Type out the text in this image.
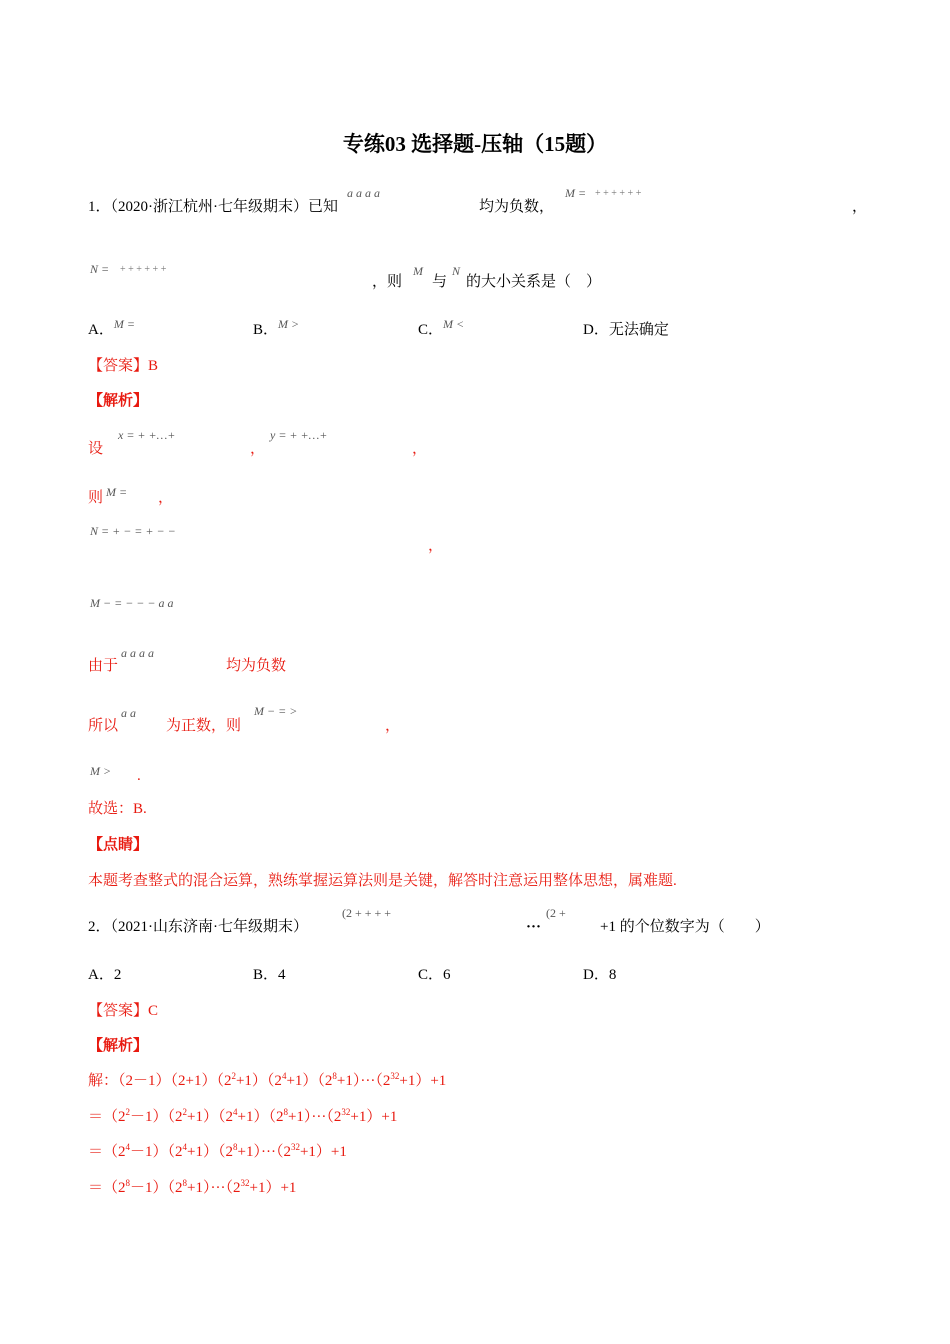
专练03 选择题-压轴（15题）
1．（2020·浙江杭州·七年级期末）已知
a a a a
均为负数，
M = + + + + + +
，
N = + + + + + +
，则
M
与
N
的大小关系是（　）
A．$^{M =}$	B．$^{M >}$	C．$^{M <}$	D．无法确定
【答案】B
【解析】
设
x = + +…+
，
y = + +…+
，
则 M = ，
N = + − = + − −
，
M − = − − − a a
由于
a a a a
均为负数
所以
a a
为正数，则
M − = >
，
M > .
故选：B.
【点睛】
本题考查整式的混合运算，熟练掌握运算法则是关键，解答时注意运用整体思想，属难题.
2．（2021·山东济南·七年级期末）
(2 + + + +
···
(2 +
+1 的个位数字为（　　）
A．2	B．4	C．6	D．8
【答案】C
【解析】
解：$(2-1)(2+1)(2^2+1)(2^4+1)(2^8+1)\cdot\cdot\cdot(2^{32}+1)+1$
$=(2^2-1)(2^2+1)(2^4+1)(2^8+1)\cdot\cdot\cdot(2^{32}+1)+1$
$=(2^4-1)(2^4+1)(2^8+1)\cdot\cdot\cdot(2^{32}+1)+1$
$=(2^8-1)(2^8+1)\cdot\cdot\cdot(2^{32}+1)+1$
